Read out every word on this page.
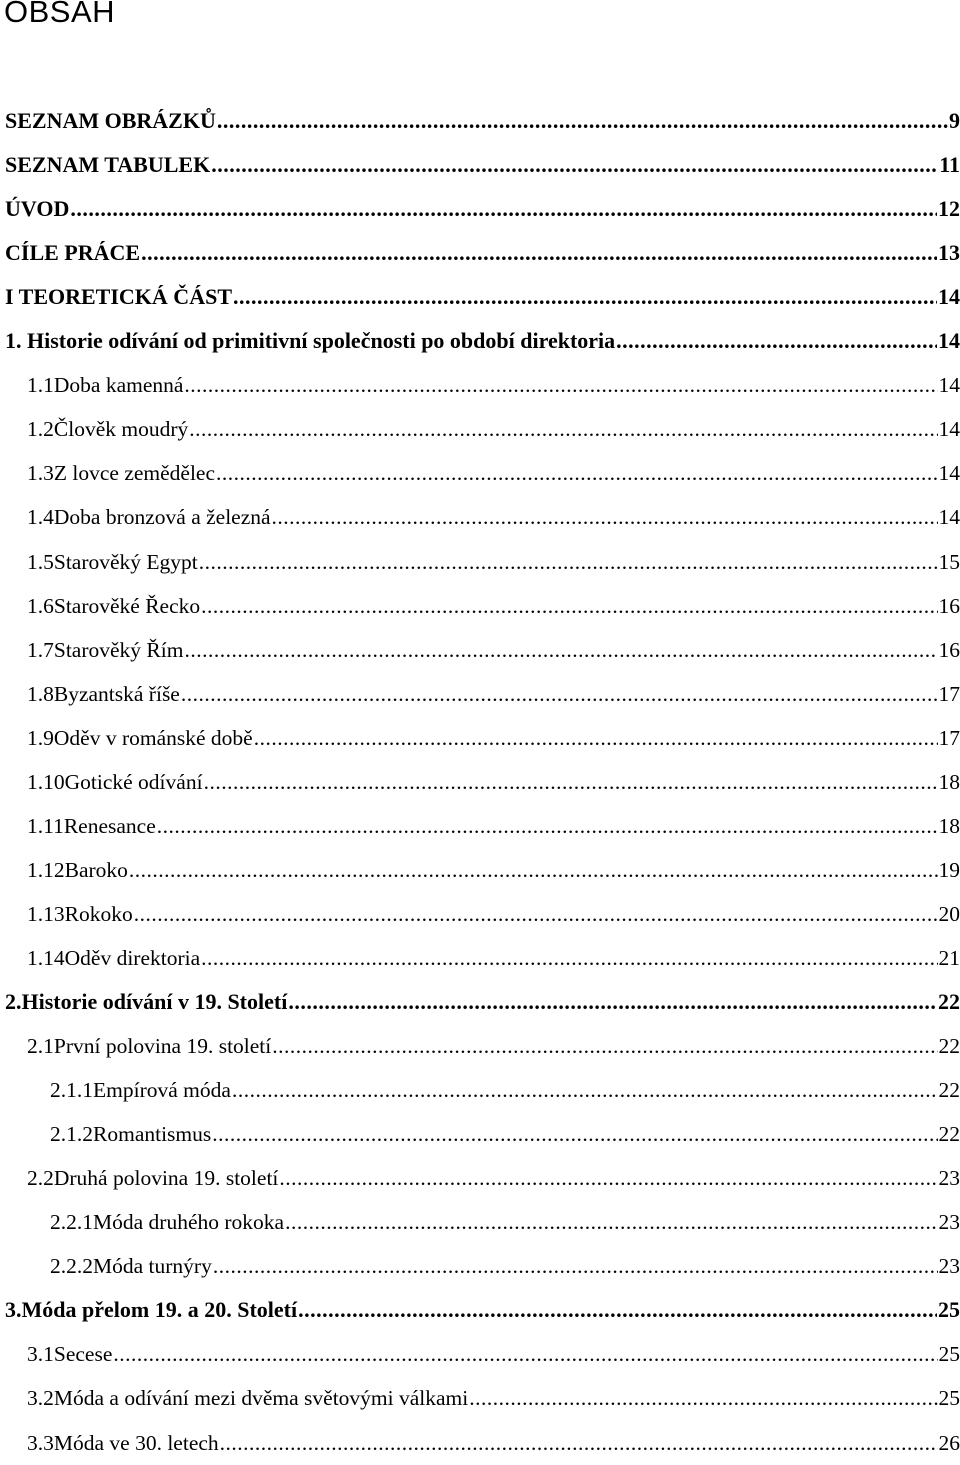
OBSAH
SEZNAM OBRÁZKŮ .....	9
SEZNAM TABULEK .....	11
ÚVOD .....	12
CÍLE PRÁCE .....	13
I TEORETICKÁ ČÁST .....	14
1. Historie odívání od primitivní společnosti po období direktoria .....	14
1.1 Doba kamenná .....	14
1.2 Člověk moudrý .....	14
1.3 Z lovce zemědělec .....	14
1.4 Doba bronzová a železná .....	14
1.5 Starověký Egypt .....	15
1.6 Starověké Řecko .....	16
1.7 Starověký Řím .....	16
1.8 Byzantská říše .....	17
1.9 Oděv v románské době .....	17
1.10 Gotické odívání .....	18
1.11 Renesance .....	18
1.12 Baroko .....	19
1.13 Rokoko .....	20
1.14 Oděv direktoria .....	21
2. Historie odívání v 19. Století .....	22
2.1 První polovina 19. století .....	22
2.1.1 Empírová móda .....	22
2.1.2 Romantismus .....	22
2.2 Druhá polovina 19. století .....	23
2.2.1 Móda druhého rokoka .....	23
2.2.2 Móda turnýry .....	23
3. Móda přelom 19. a 20. Století .....	25
3.1 Secese .....	25
3.2 Móda a odívání mezi dvěma světovými válkami .....	25
3.3 Móda ve 30. letech .....	26
